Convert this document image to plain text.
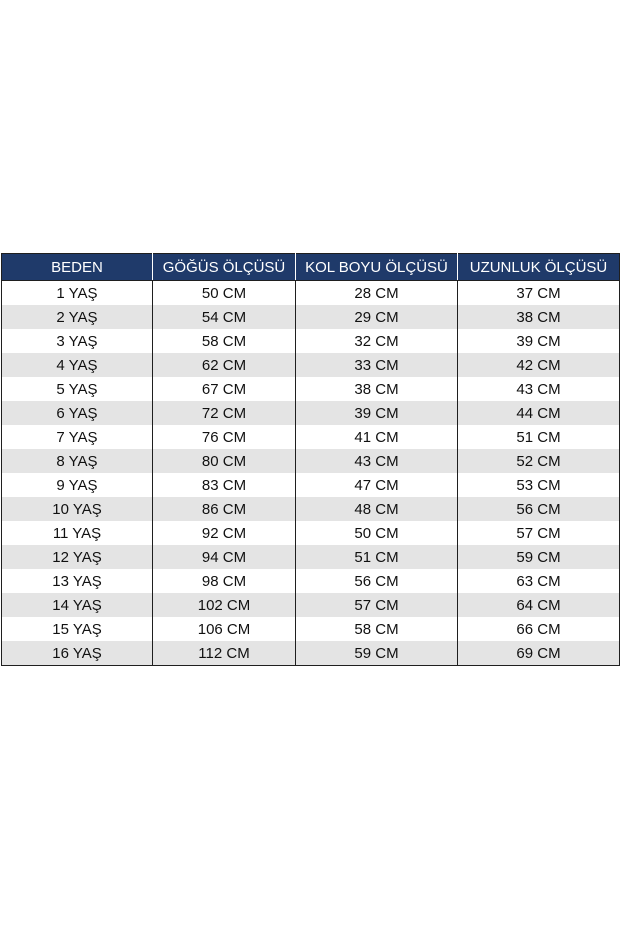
BEDEN	GÖĞÜS ÖLÇÜSÜ	KOL BOYU ÖLÇÜSÜ	UZUNLUK ÖLÇÜSÜ
1 YAŞ	50 CM	28 CM	37 CM
2 YAŞ	54 CM	29 CM	38 CM
3 YAŞ	58 CM	32 CM	39 CM
4 YAŞ	62 CM	33 CM	42 CM
5 YAŞ	67 CM	38 CM	43 CM
6 YAŞ	72 CM	39 CM	44 CM
7 YAŞ	76 CM	41 CM	51 CM
8 YAŞ	80 CM	43 CM	52 CM
9 YAŞ	83 CM	47 CM	53 CM
10 YAŞ	86 CM	48 CM	56 CM
11 YAŞ	92 CM	50 CM	57 CM
12 YAŞ	94 CM	51 CM	59 CM
13 YAŞ	98 CM	56 CM	63 CM
14 YAŞ	102 CM	57 CM	64 CM
15 YAŞ	106 CM	58 CM	66 CM
16 YAŞ	112 CM	59 CM	69 CM
